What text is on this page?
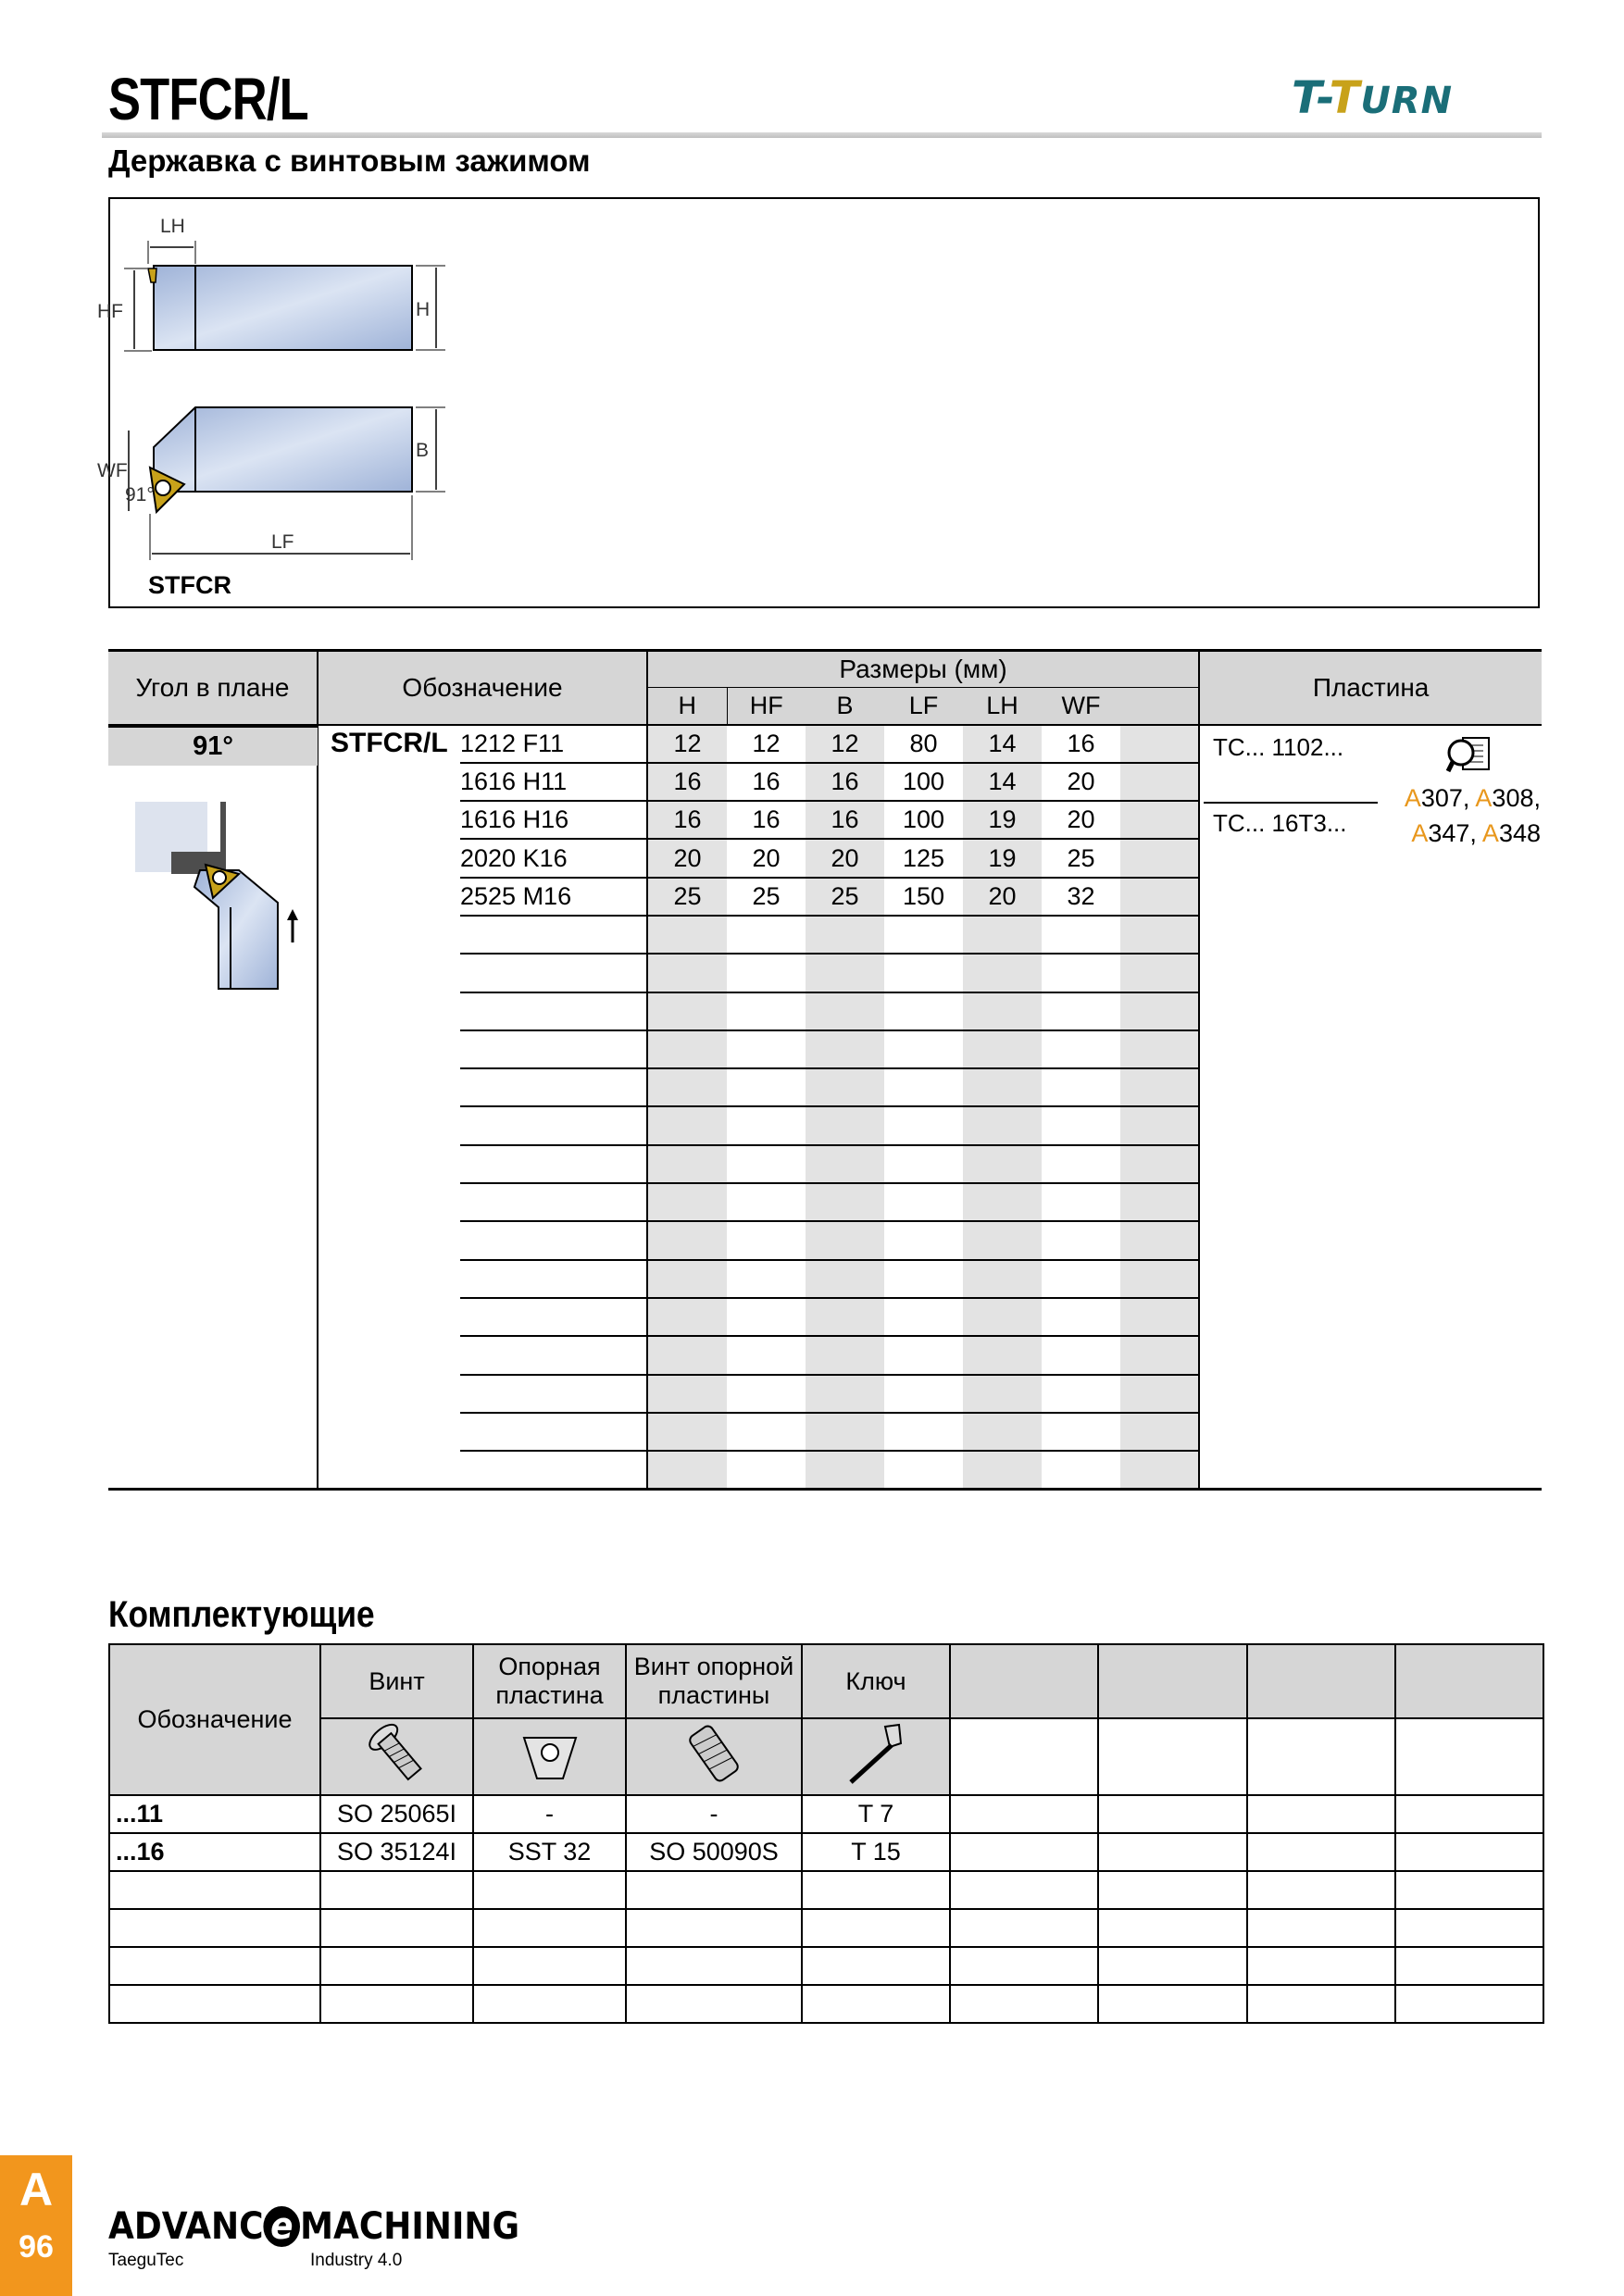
STFCR/L	T-TURN
Державка с винтовым зажимом
LH
HF	H
WF
91°
B
LF
STFCR
Угол в плане	Обозначение		Размеры (мм)							Пластина
			H	HF	B	LF	LH	WF		
		1212 F11	12	12	12	80	14	16		
		1616 H11	16	16	16	100	14	20		
		1616 H16	16	16	16	100	19	20		
		2020 K16	20	20	20	125	19	25		
		2525 M16	25	25	25	150	20	32		

91°	STFCR/L	TC... 1102...
TC... 16T3...
A307, A308,
A347, A348
Комплектующие
Обозначение	Винт	Опорная пластина	Винт опорной пластины	Ключ				

...11	SO 25065I	-	-	T 7				
...16	SO 35124I	SST 32	SO 50090S	T 15				

A
96	ADVANC e MACHINING
TaeguTec	Industry 4.0
